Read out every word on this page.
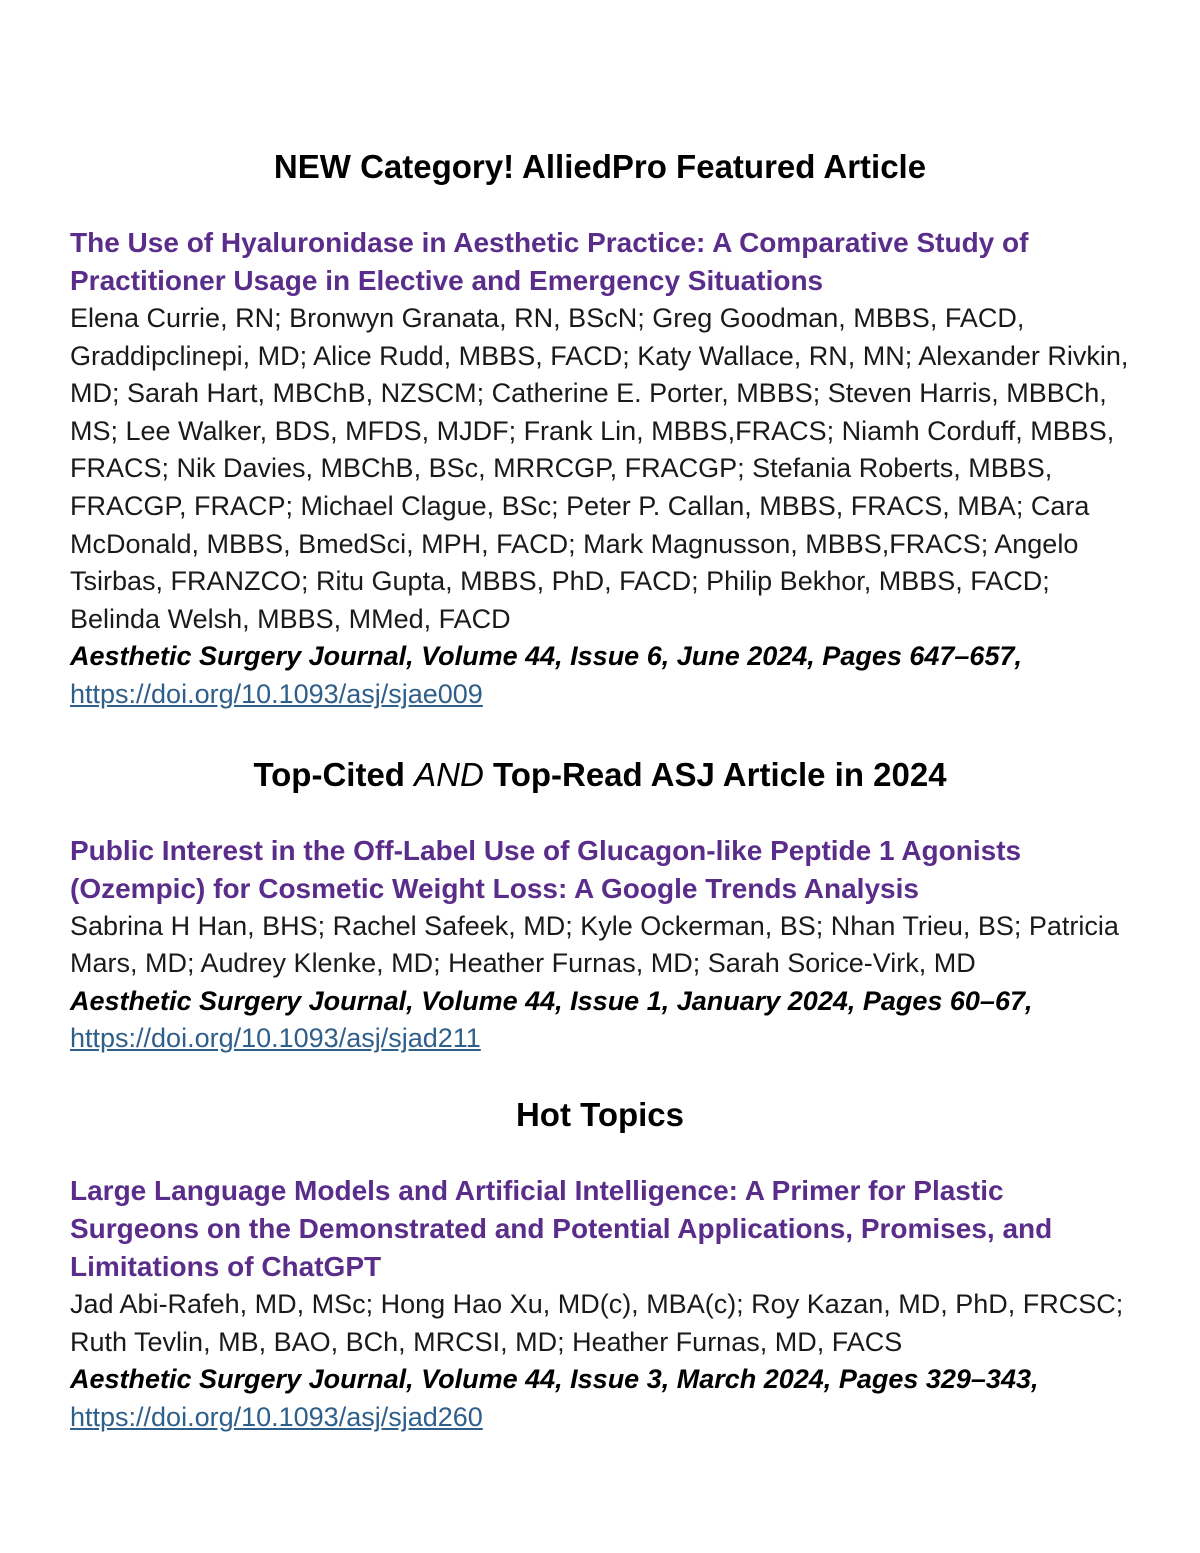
NEW Category! AlliedPro Featured Article

The Use of Hyaluronidase in Aesthetic Practice: A Comparative Study of Practitioner Usage in Elective and Emergency Situations

Elena Currie, RN; Bronwyn Granata, RN, BScN; Greg Goodman, MBBS, FACD, Graddipclinepi, MD; Alice Rudd, MBBS, FACD; Katy Wallace, RN, MN; Alexander Rivkin, MD; Sarah Hart, MBChB, NZSCM; Catherine E. Porter, MBBS; Steven Harris, MBBCh, MS; Lee Walker, BDS, MFDS, MJDF; Frank Lin, MBBS,FRACS; Niamh Corduff, MBBS, FRACS; Nik Davies, MBChB, BSc, MRRCGP, FRACGP; Stefania Roberts, MBBS, FRACGP, FRACP; Michael Clague, BSc; Peter P. Callan, MBBS, FRACS, MBA; Cara McDonald, MBBS, BmedSci, MPH, FACD; Mark Magnusson, MBBS,FRACS; Angelo Tsirbas, FRANZCO; Ritu Gupta, MBBS, PhD, FACD; Philip Bekhor, MBBS, FACD; Belinda Welsh, MBBS, MMed, FACD

Aesthetic Surgery Journal, Volume 44, Issue 6, June 2024, Pages 647–657,

https://doi.org/10.1093/asj/sjae009
Top-Cited AND Top-Read ASJ Article in 2024

Public Interest in the Off-Label Use of Glucagon-like Peptide 1 Agonists (Ozempic) for Cosmetic Weight Loss: A Google Trends Analysis

Sabrina H Han, BHS; Rachel Safeek, MD; Kyle Ockerman, BS; Nhan Trieu, BS; Patricia Mars, MD; Audrey Klenke, MD; Heather Furnas, MD; Sarah Sorice-Virk, MD

Aesthetic Surgery Journal, Volume 44, Issue 1, January 2024, Pages 60–67,

https://doi.org/10.1093/asj/sjad211
Hot Topics

Large Language Models and Artificial Intelligence: A Primer for Plastic Surgeons on the Demonstrated and Potential Applications, Promises, and Limitations of ChatGPT

Jad Abi-Rafeh, MD, MSc; Hong Hao Xu, MD(c), MBA(c); Roy Kazan, MD, PhD, FRCSC; Ruth Tevlin, MB, BAO, BCh, MRCSI, MD; Heather Furnas, MD, FACS

Aesthetic Surgery Journal, Volume 44, Issue 3, March 2024, Pages 329–343,

https://doi.org/10.1093/asj/sjad260
